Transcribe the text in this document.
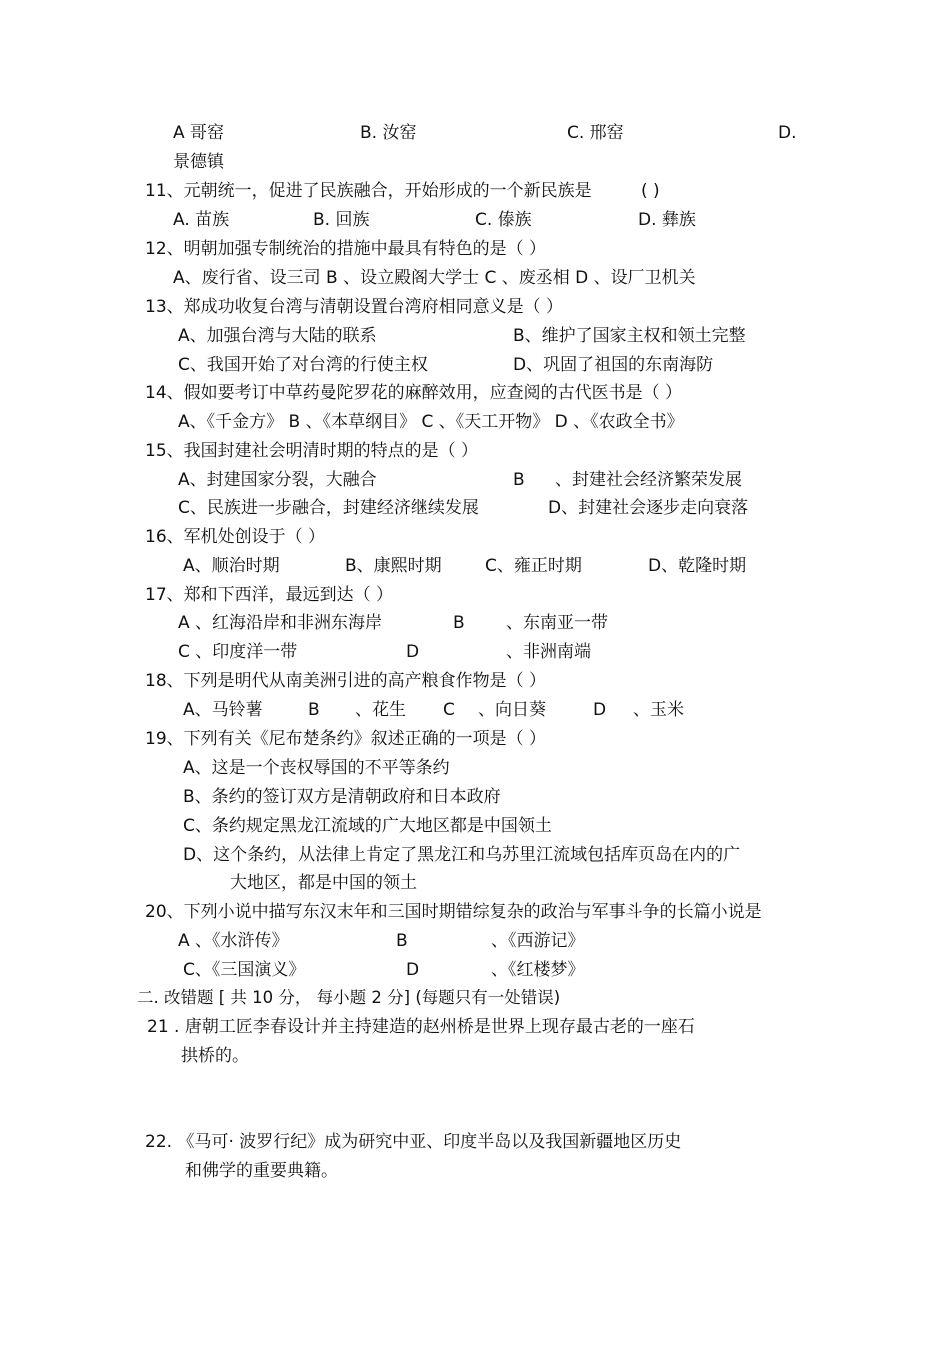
A 哥窑	B. 汝窑	C. 邢窑	D.
景德镇
11、元朝统一，促进了民族融合，开始形成的一个新民族是	( )
A. 苗族	B. 回族	C. 傣族	D. 彝族
12、明朝加强专制统治的措施中最具有特色的是（ ）
A、废行省、设三司 B 、设立殿阁大学士 C 、废丞相 D 、设厂卫机关
13、郑成功收复台湾与清朝设置台湾府相同意义是（ ）
A、加强台湾与大陆的联系	B、维护了国家主权和领土完整
C、我国开始了对台湾的行使主权	D、巩固了祖国的东南海防
14、假如要考订中草药曼陀罗花的麻醉效用，应查阅的古代医书是（ ）
A、《千金方》 B 、《本草纲目》 C 、《天工开物》 D 、《农政全书》
15、我国封建社会明清时期的特点的是（ ）
A、封建国家分裂，大融合	B 、封建社会经济繁荣发展
C、民族进一步融合，封建经济继续发展	D、封建社会逐步走向衰落
16、军机处创设于（ ）
A、顺治时期	B、康熙时期	C、雍正时期	D、乾隆时期
17、郑和下西洋，最远到达（ ）
A 、红海沿岸和非洲东海岸	B 、东南亚一带
C 、印度洋一带	D	、非洲南端
18、下列是明代从南美洲引进的高产粮食作物是（ ）
A、马铃薯	B 、花生 C 、向日葵	D 、玉米
19、下列有关《尼布楚条约》叙述正确的一项是（ ）
A、这是一个丧权辱国的不平等条约
B、条约的签订双方是清朝政府和日本政府
C、条约规定黑龙江流域的广大地区都是中国领土
D、这个条约，从法律上肯定了黑龙江和乌苏里江流域包括库页岛在内的广
大地区，都是中国的领土
20、下列小说中描写东汉末年和三国时期错综复杂的政治与军事斗争的长篇小说是
A 、《水浒传》	B	、《西游记》
C、《三国演义》	D	、《红楼梦》
二. 改错题 [ 共 10 分， 每小题 2 分] (每题只有一处错误)
21 . 唐朝工匠李春设计并主持建造的赵州桥是世界上现存最古老的一座石
拱桥的。
22. 《马可· 波罗行纪》成为研究中亚、印度半岛以及我国新疆地区历史
和佛学的重要典籍。
